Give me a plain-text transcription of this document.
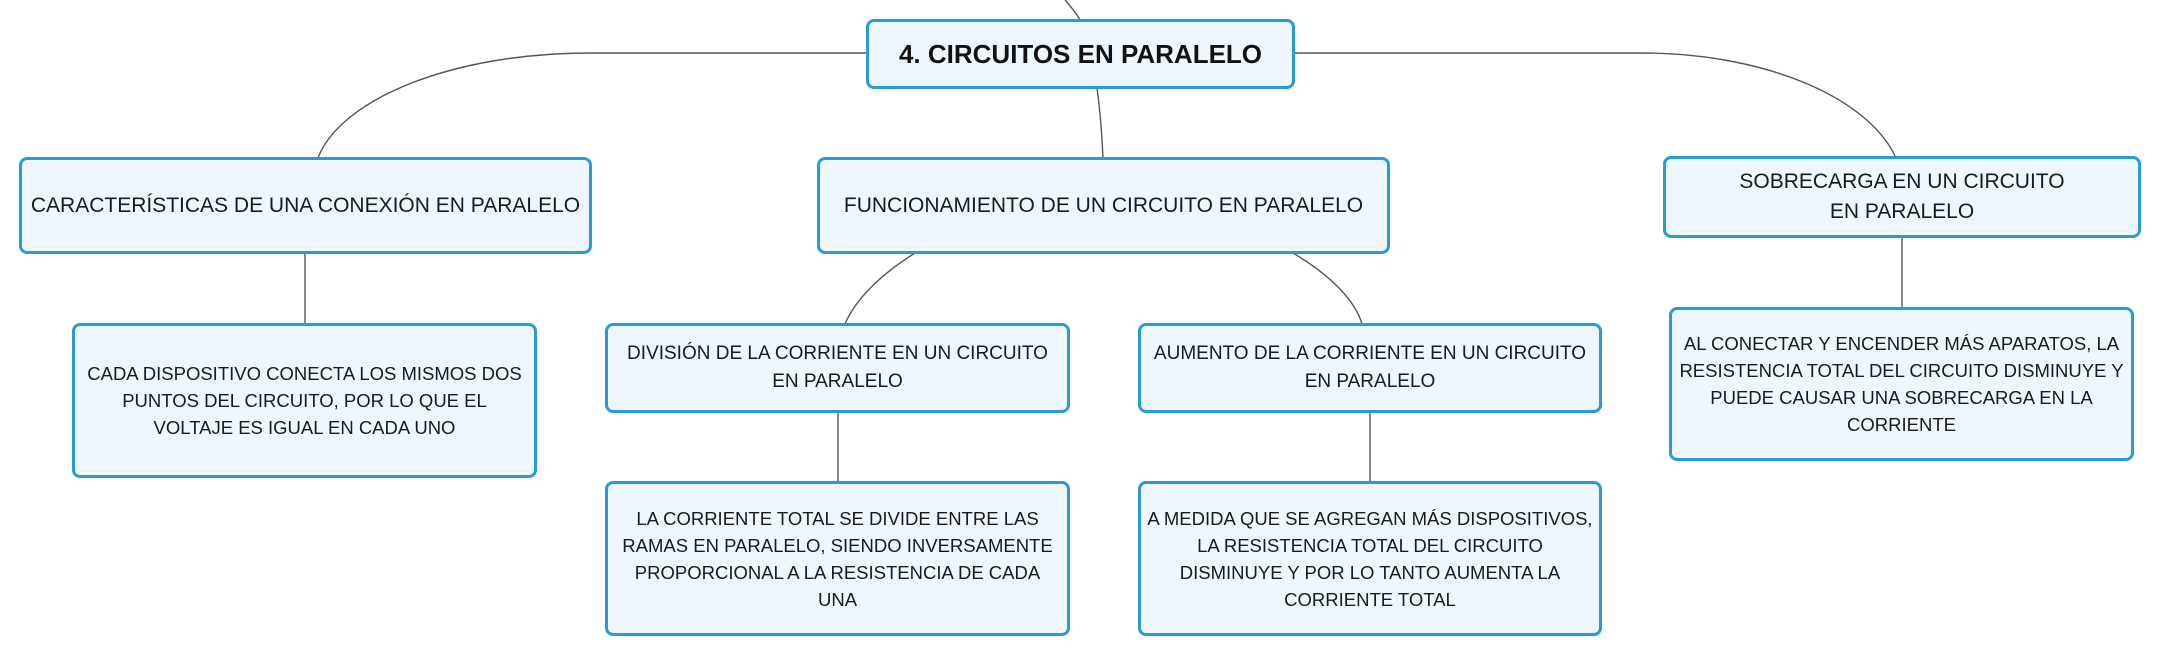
4. CIRCUITOS EN PARALELO
CARACTERÍSTICAS DE UNA CONEXIÓN EN PARALELO	FUNCIONAMIENTO DE UN CIRCUITO EN PARALELO
SOBRECARGA EN UN CIRCUITO EN PARALELO
CADA DISPOSITIVO CONECTA LOS MISMOS DOS PUNTOS DEL CIRCUITO, POR LO QUE EL VOLTAJE ES IGUAL EN CADA UNO
DIVISIÓN DE LA CORRIENTE EN UN CIRCUITO EN PARALELO
AUMENTO DE LA CORRIENTE EN UN CIRCUITO EN PARALELO
AL CONECTAR Y ENCENDER MÁS APARATOS, LA RESISTENCIA TOTAL DEL CIRCUITO DISMINUYE Y PUEDE CAUSAR UNA SOBRECARGA EN LA CORRIENTE
LA CORRIENTE TOTAL SE DIVIDE ENTRE LAS RAMAS EN PARALELO, SIENDO INVERSAMENTE PROPORCIONAL A LA RESISTENCIA DE CADA UNA
A MEDIDA QUE SE AGREGAN MÁS DISPOSITIVOS, LA RESISTENCIA TOTAL DEL CIRCUITO DISMINUYE Y POR LO TANTO AUMENTA LA CORRIENTE TOTAL
